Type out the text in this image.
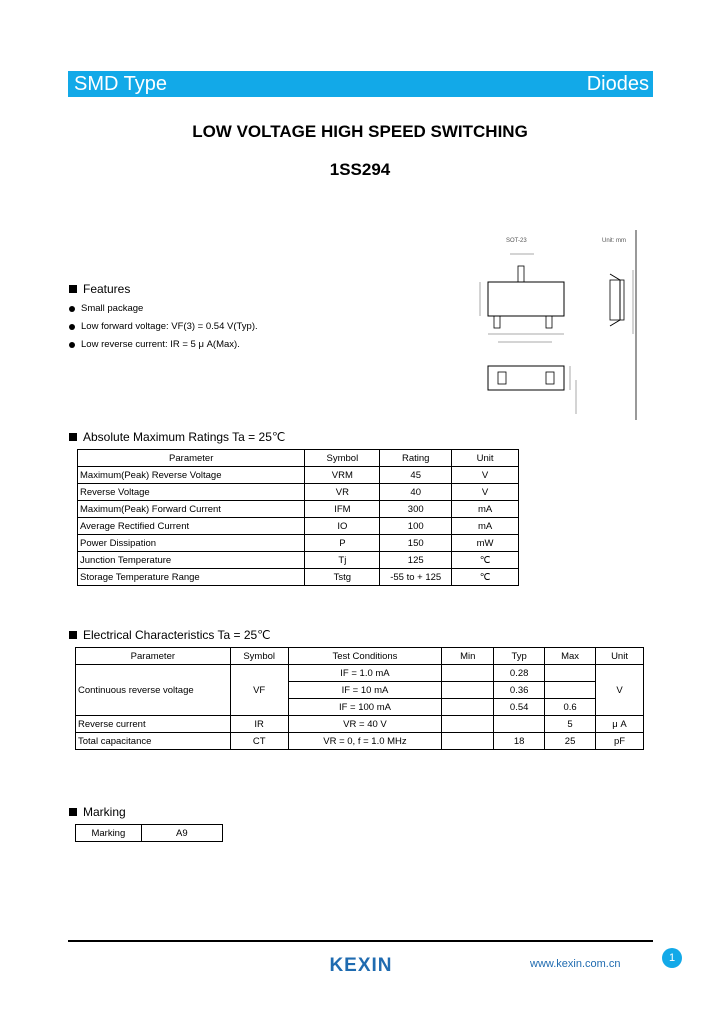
SMD Type	Diodes
LOW VOLTAGE HIGH SPEED SWITCHING
1SS294
SOT-23	Unit: mm
Features
Small package
Low forward voltage: VF(3) = 0.54 V(Typ).
Low reverse current: IR = 5 μ A(Max).
Absolute Maximum Ratings Ta = 25℃
Parameter	Symbol	Rating	Unit
Maximum(Peak) Reverse Voltage	VRM	45	V
Reverse Voltage	VR	40	V
Maximum(Peak) Forward Current	IFM	300	mA
Average Rectified Current	IO	100	mA
Power Dissipation	P	150	mW
Junction Temperature	Tj	125	℃
Storage Temperature Range	Tstg	-55 to + 125	℃
Electrical Characteristics Ta = 25℃
Parameter	Symbol	Test Conditions	Min	Typ	Max	Unit
Continuous reverse voltage	VF	IF = 1.0 mA		0.28		V
		IF = 10 mA		0.36		
		IF = 100 mA		0.54	0.6	
Reverse current	IR	VR = 40 V			5	μ A
Total capacitance	CT	VR = 0, f = 1.0 MHz		18	25	pF
Marking
Marking	A9
KEXIN	www.kexin.com.cn	1
